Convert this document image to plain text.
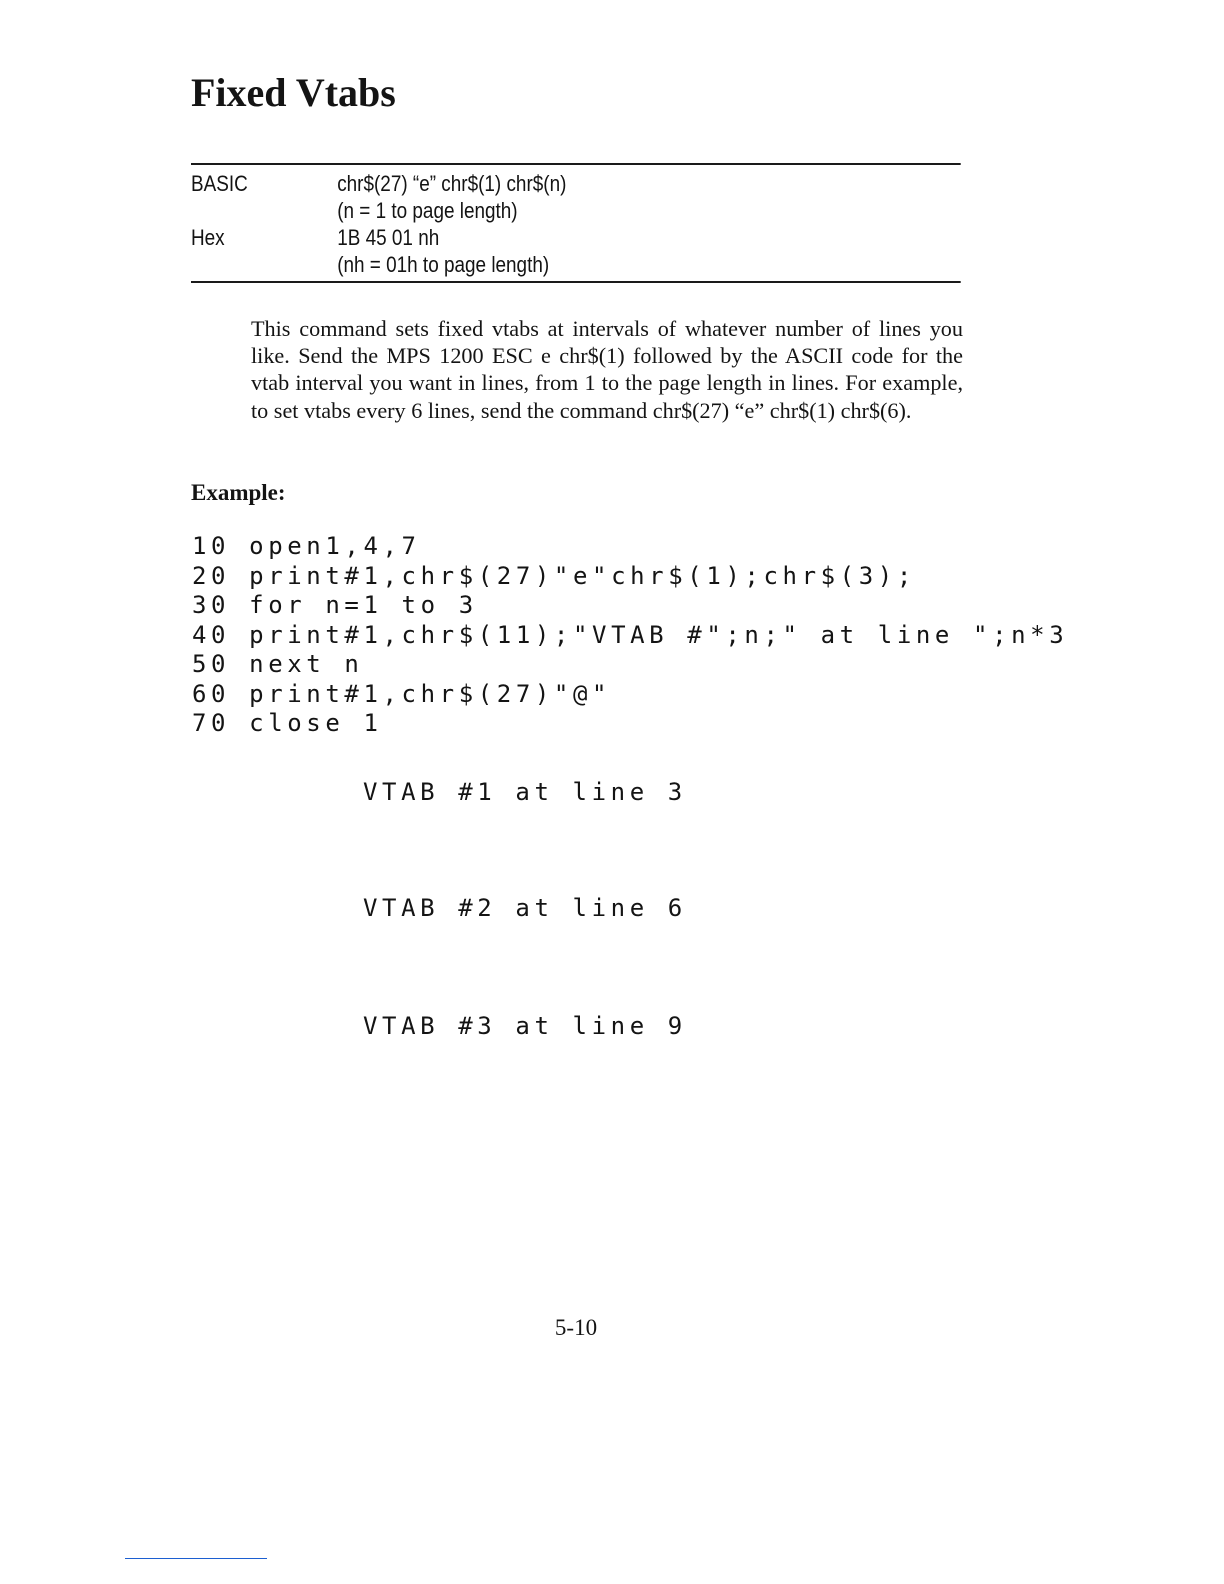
Fixed Vtabs
BASIC	chr$(27) “e” chr$(1) chr$(n)
(n = 1 to page length)
Hex	1B 45 01 nh
(nh = 01h to page length)

This command sets fixed vtabs at intervals of whatever number of lines you like. Send the MPS 1200 ESC e chr$(1) followed by the ASCII code for the vtab interval you want in lines, from 1 to the page length in lines. For example, to set vtabs every 6 lines, send the command chr$(27) “e” chr$(1) chr$(6).

Example:
10 open1,4,7
20 print#1,chr$(27)"e"chr$(1);chr$(3);
30 for n=1 to 3
40 print#1,chr$(11);"VTAB #";n;" at line ";n*3
50 next n
60 print#1,chr$(27)"@"
70 close 1
VTAB #1 at line 3
VTAB #2 at line 6
VTAB #3 at line 9
5-10
